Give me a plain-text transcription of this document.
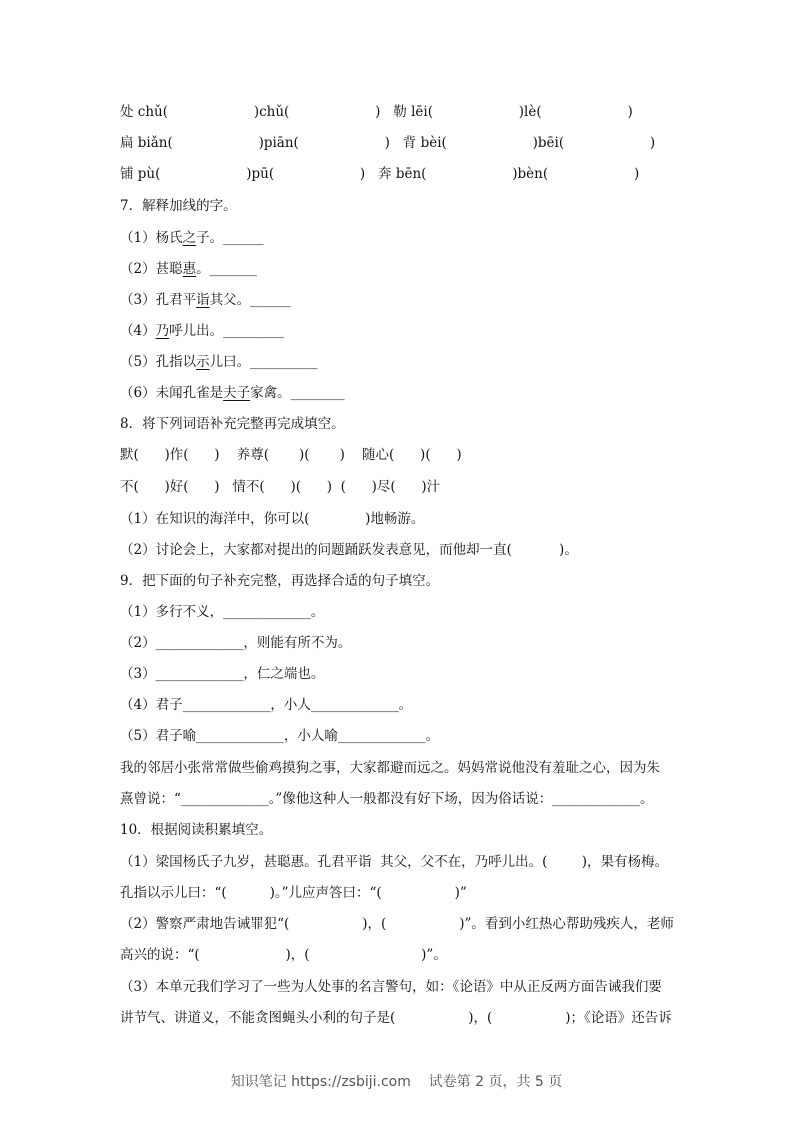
处 chǔ(                    )chǔ(                    )   勒 lēi(                    )lè(                    )
扁 biǎn(                    )piān(                    )   背 bèi(                    )bēi(                    )
铺 pù(                    )pū(                    )   奔 bēn(                    )bèn(                    )
7．解释加线的字。
（1）杨氏之子。______
（2）甚聪惠。_______
（3）孔君平诣其父。______
（4）乃呼儿出。_________
（5）孔指以示儿曰。__________
（6）未闻孔雀是夫子家禽。________
8．将下列词语补充完整再完成填空。
默(      )作(      )    养尊(       )(       )    随心(      )(      )
不(      )好(      )   情不(      )(      )  (      )尽(      )汁
（1）在知识的海洋中，你可以(             )地畅游。
（2）讨论会上，大家都对提出的问题踊跃发表意见，而他却一直(           )。
9．把下面的句子补充完整，再选择合适的句子填空。
（1）多行不义，_____________。
（2）_____________，则能有所不为。
（3）_____________，仁之端也。
（4）君子_____________，小人_____________。
（5）君子喻_____________，小人喻_____________。
我的邻居小张常常做些偷鸡摸狗之事，大家都避而远之。妈妈常说他没有羞耻之心，因为朱
熹曾说：“_____________。”像他这种人一般都没有好下场，因为俗话说：_____________。
10．根据阅读积累填空。
（1）梁国杨氏子九岁，甚聪惠。孔君平诣  其父，父不在，乃呼儿出。(        )，果有杨梅。
孔指以示儿曰：“(          )。”儿应声答曰：“(                 )”
（2）警察严肃地告诫罪犯“(                 )，(                 )”。看到小红热心帮助残疾人，老师
高兴的说：“(                    )，(                          )”。
（3）本单元我们学习了一些为人处事的名言警句，如：《论语》中从正反两方面告诫我们要
讲节气、讲道义，不能贪图蝇头小利的句子是(                 )，(                 )；《论语》还告诉
知识笔记 https://zsbiji.com    试卷第 2 页，共 5 页
